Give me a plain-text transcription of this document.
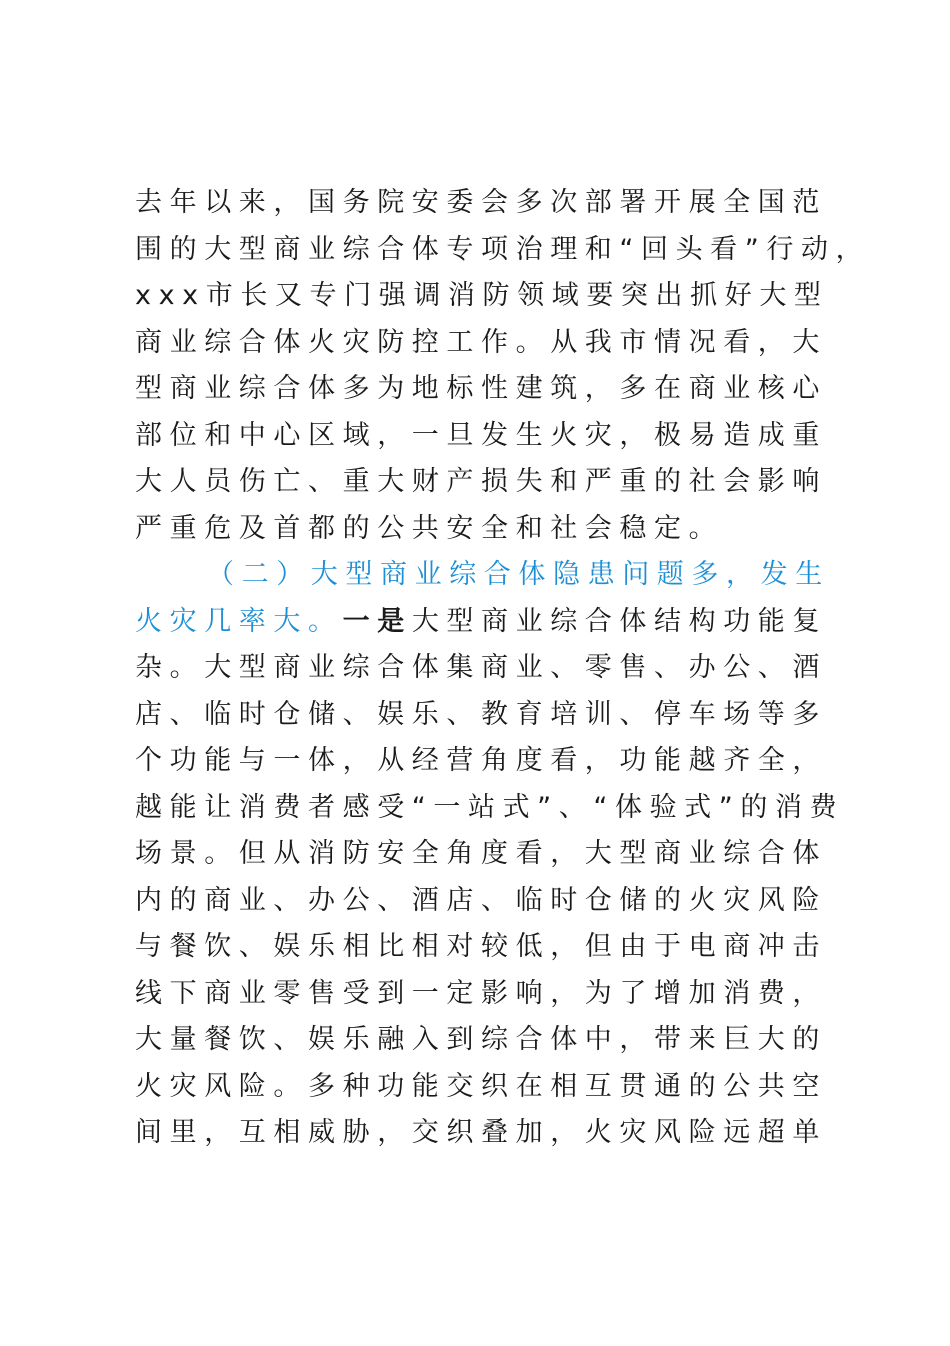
去年以来，国务院安委会多次部署开展全国范
围的大型商业综合体专项治理和“回头看”行动，
xxx市长又专门强调消防领域要突出抓好大型
商业综合体火灾防控工作。从我市情况看，大
型商业综合体多为地标性建筑，多在商业核心
部位和中心区域，一旦发生火灾，极易造成重
大人员伤亡、重大财产损失和严重的社会影响
严重危及首都的公共安全和社会稳定。
（二）大型商业综合体隐患问题多，发生
火灾几率大。一是大型商业综合体结构功能复
杂。大型商业综合体集商业、零售、办公、酒
店、临时仓储、娱乐、教育培训、停车场等多
个功能与一体，从经营角度看，功能越齐全，
越能让消费者感受“一站式”、“体验式”的消费
场景。但从消防安全角度看，大型商业综合体
内的商业、办公、酒店、临时仓储的火灾风险
与餐饮、娱乐相比相对较低，但由于电商冲击
线下商业零售受到一定影响，为了增加消费，
大量餐饮、娱乐融入到综合体中，带来巨大的
火灾风险。多种功能交织在相互贯通的公共空
间里，互相威胁，交织叠加，火灾风险远超单
